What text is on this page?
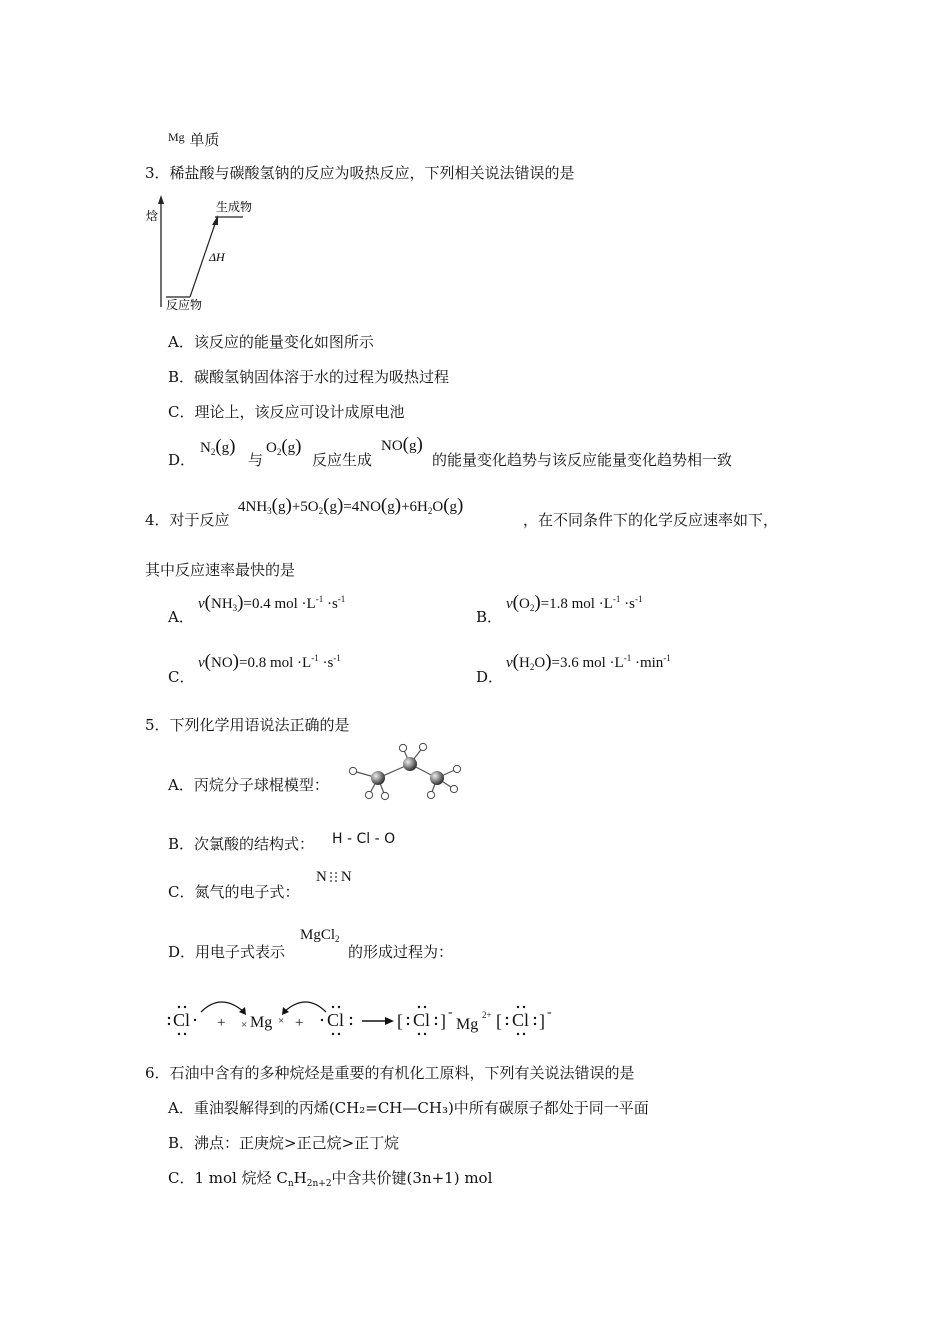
Mg 单质
3．稀盐酸与碳酸氢钠的反应为吸热反应，下列相关说法错误的是
焓
生成物
反应物
ΔH
A．该反应的能量变化如图所示
B．碳酸氢钠固体溶于水的过程为吸热过程
C．理论上，该反应可设计成原电池
D．
$N_2(g)$
与
$O_2(g)$
反应生成
NO(g)
的能量变化趋势与该反应能量变化趋势相一致
4．对于反应
$4NH_3(g)+5O_2(g)=4NO(g)+6H_2O(g)$
，在不同条件下的化学反应速率如下，
其中反应速率最快的是
A．
$v(NH_3)=0.4$ mol $\cdot L^{-1} \cdot s^{-1}$
B．
$v(O_2)=1.8$ mol $\cdot L^{-1} \cdot s^{-1}$
C．
v(NO)=0.8 mol $\cdot L^{-1} \cdot s^{-1}$
D．
$v(H_2O)=3.6$ mol $\cdot L^{-1} \cdot\min^{-1}$
5．下列化学用语说法正确的是
A．丙烷分子球棍模型：
B．次氯酸的结构式： H - Cl - O
C．氮气的电子式：
N N
D．用电子式表示
MgCl$_2$
的形成过程为：
Cl + × Mg × + Cl	[ Cl ] -
Mg
2+ [ Cl ] -
6．石油中含有的多种烷烃是重要的有机化工原料，下列有关说法错误的是
A．重油裂解得到的丙烯(CH₂=CH—CH₃)中所有碳原子都处于同一平面
B．沸点：正庚烷>正己烷>正丁烷
C．1 mol 烷烃 $C_nH_{2n+2}$中含共价键(3n+1) mol
